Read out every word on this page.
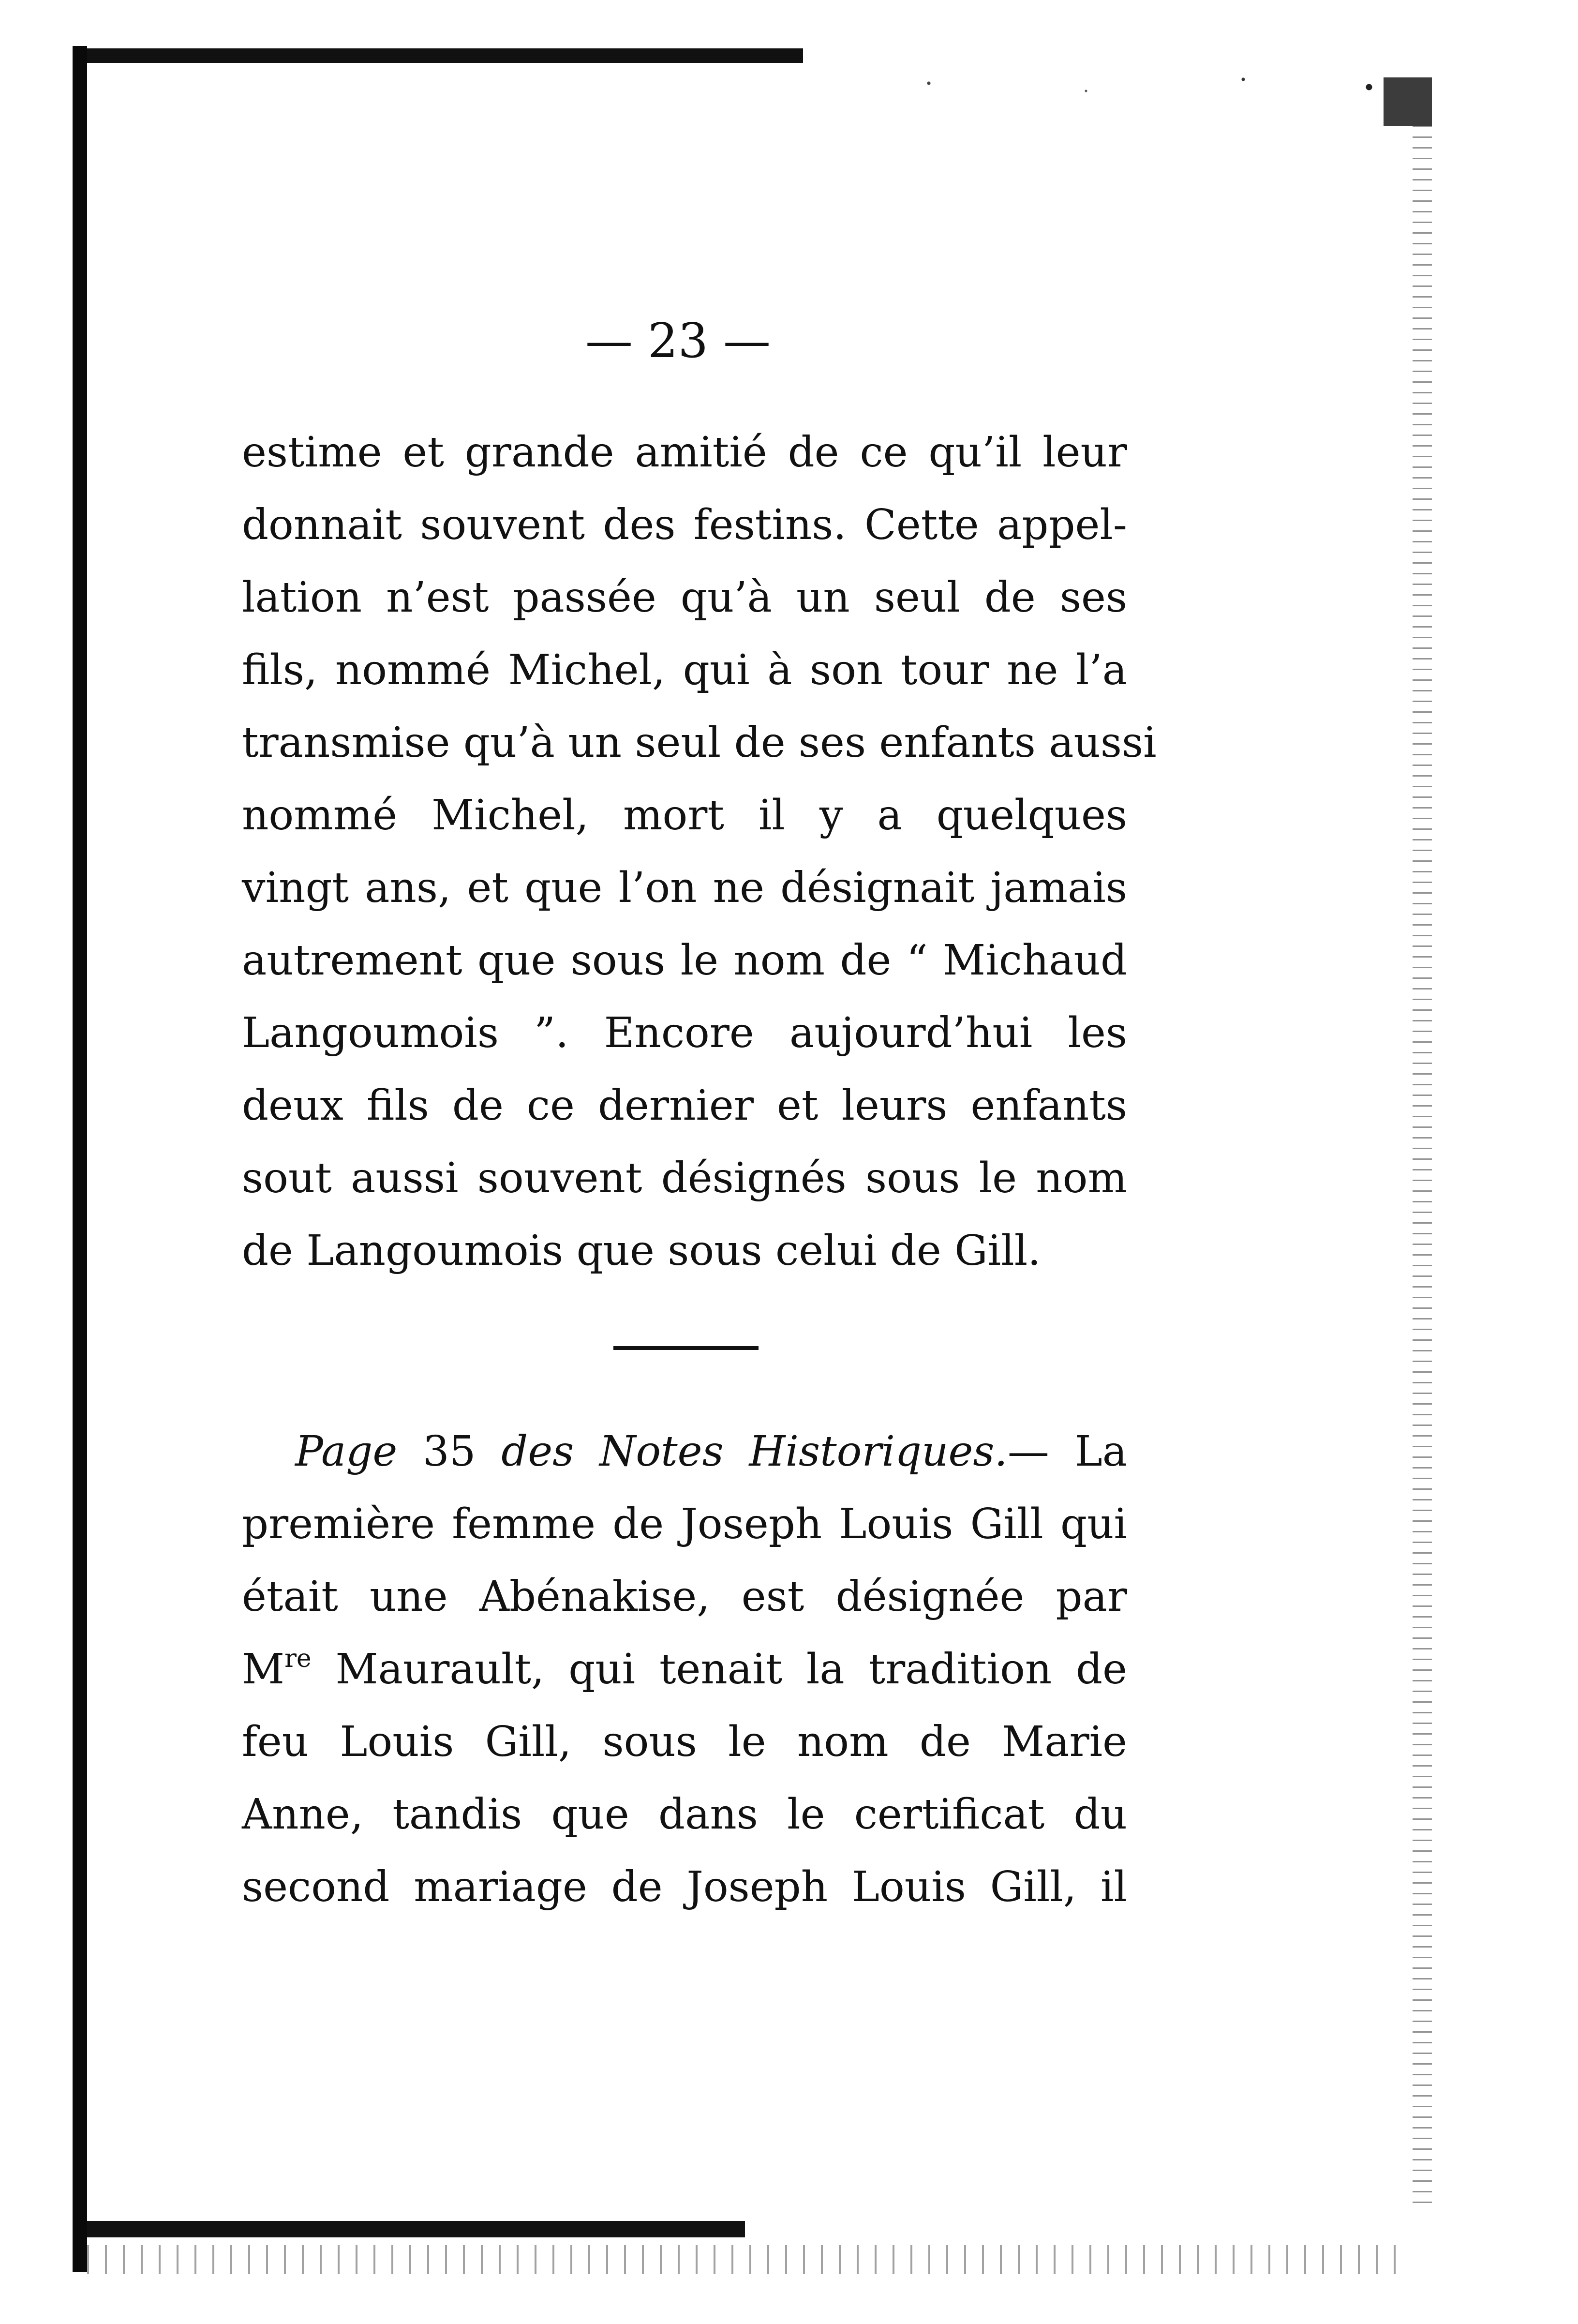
— 23 —
estime et grande amitié de ce qu’il leur
donnait souvent des festins. Cette appel-
lation n’est passée qu’à un seul de ses
fils, nommé Michel, qui à son tour ne l’a
transmise qu’à un seul de ses enfants aussi
nommé Michel, mort il y a quelques
vingt ans, et que l’on ne désignait jamais
autrement que sous le nom de “ Michaud
Langoumois ”. Encore aujourd’hui les
deux fils de ce dernier et leurs enfants
sout aussi souvent désignés sous le nom
de Langoumois que sous celui de Gill.
Page 35 des Notes Historiques.— La
première femme de Joseph Louis Gill qui
était une Abénakise, est désignée par
Mre Maurault, qui tenait la tradition de
feu Louis Gill, sous le nom de Marie
Anne, tandis que dans le certificat du
second mariage de Joseph Louis Gill, il
